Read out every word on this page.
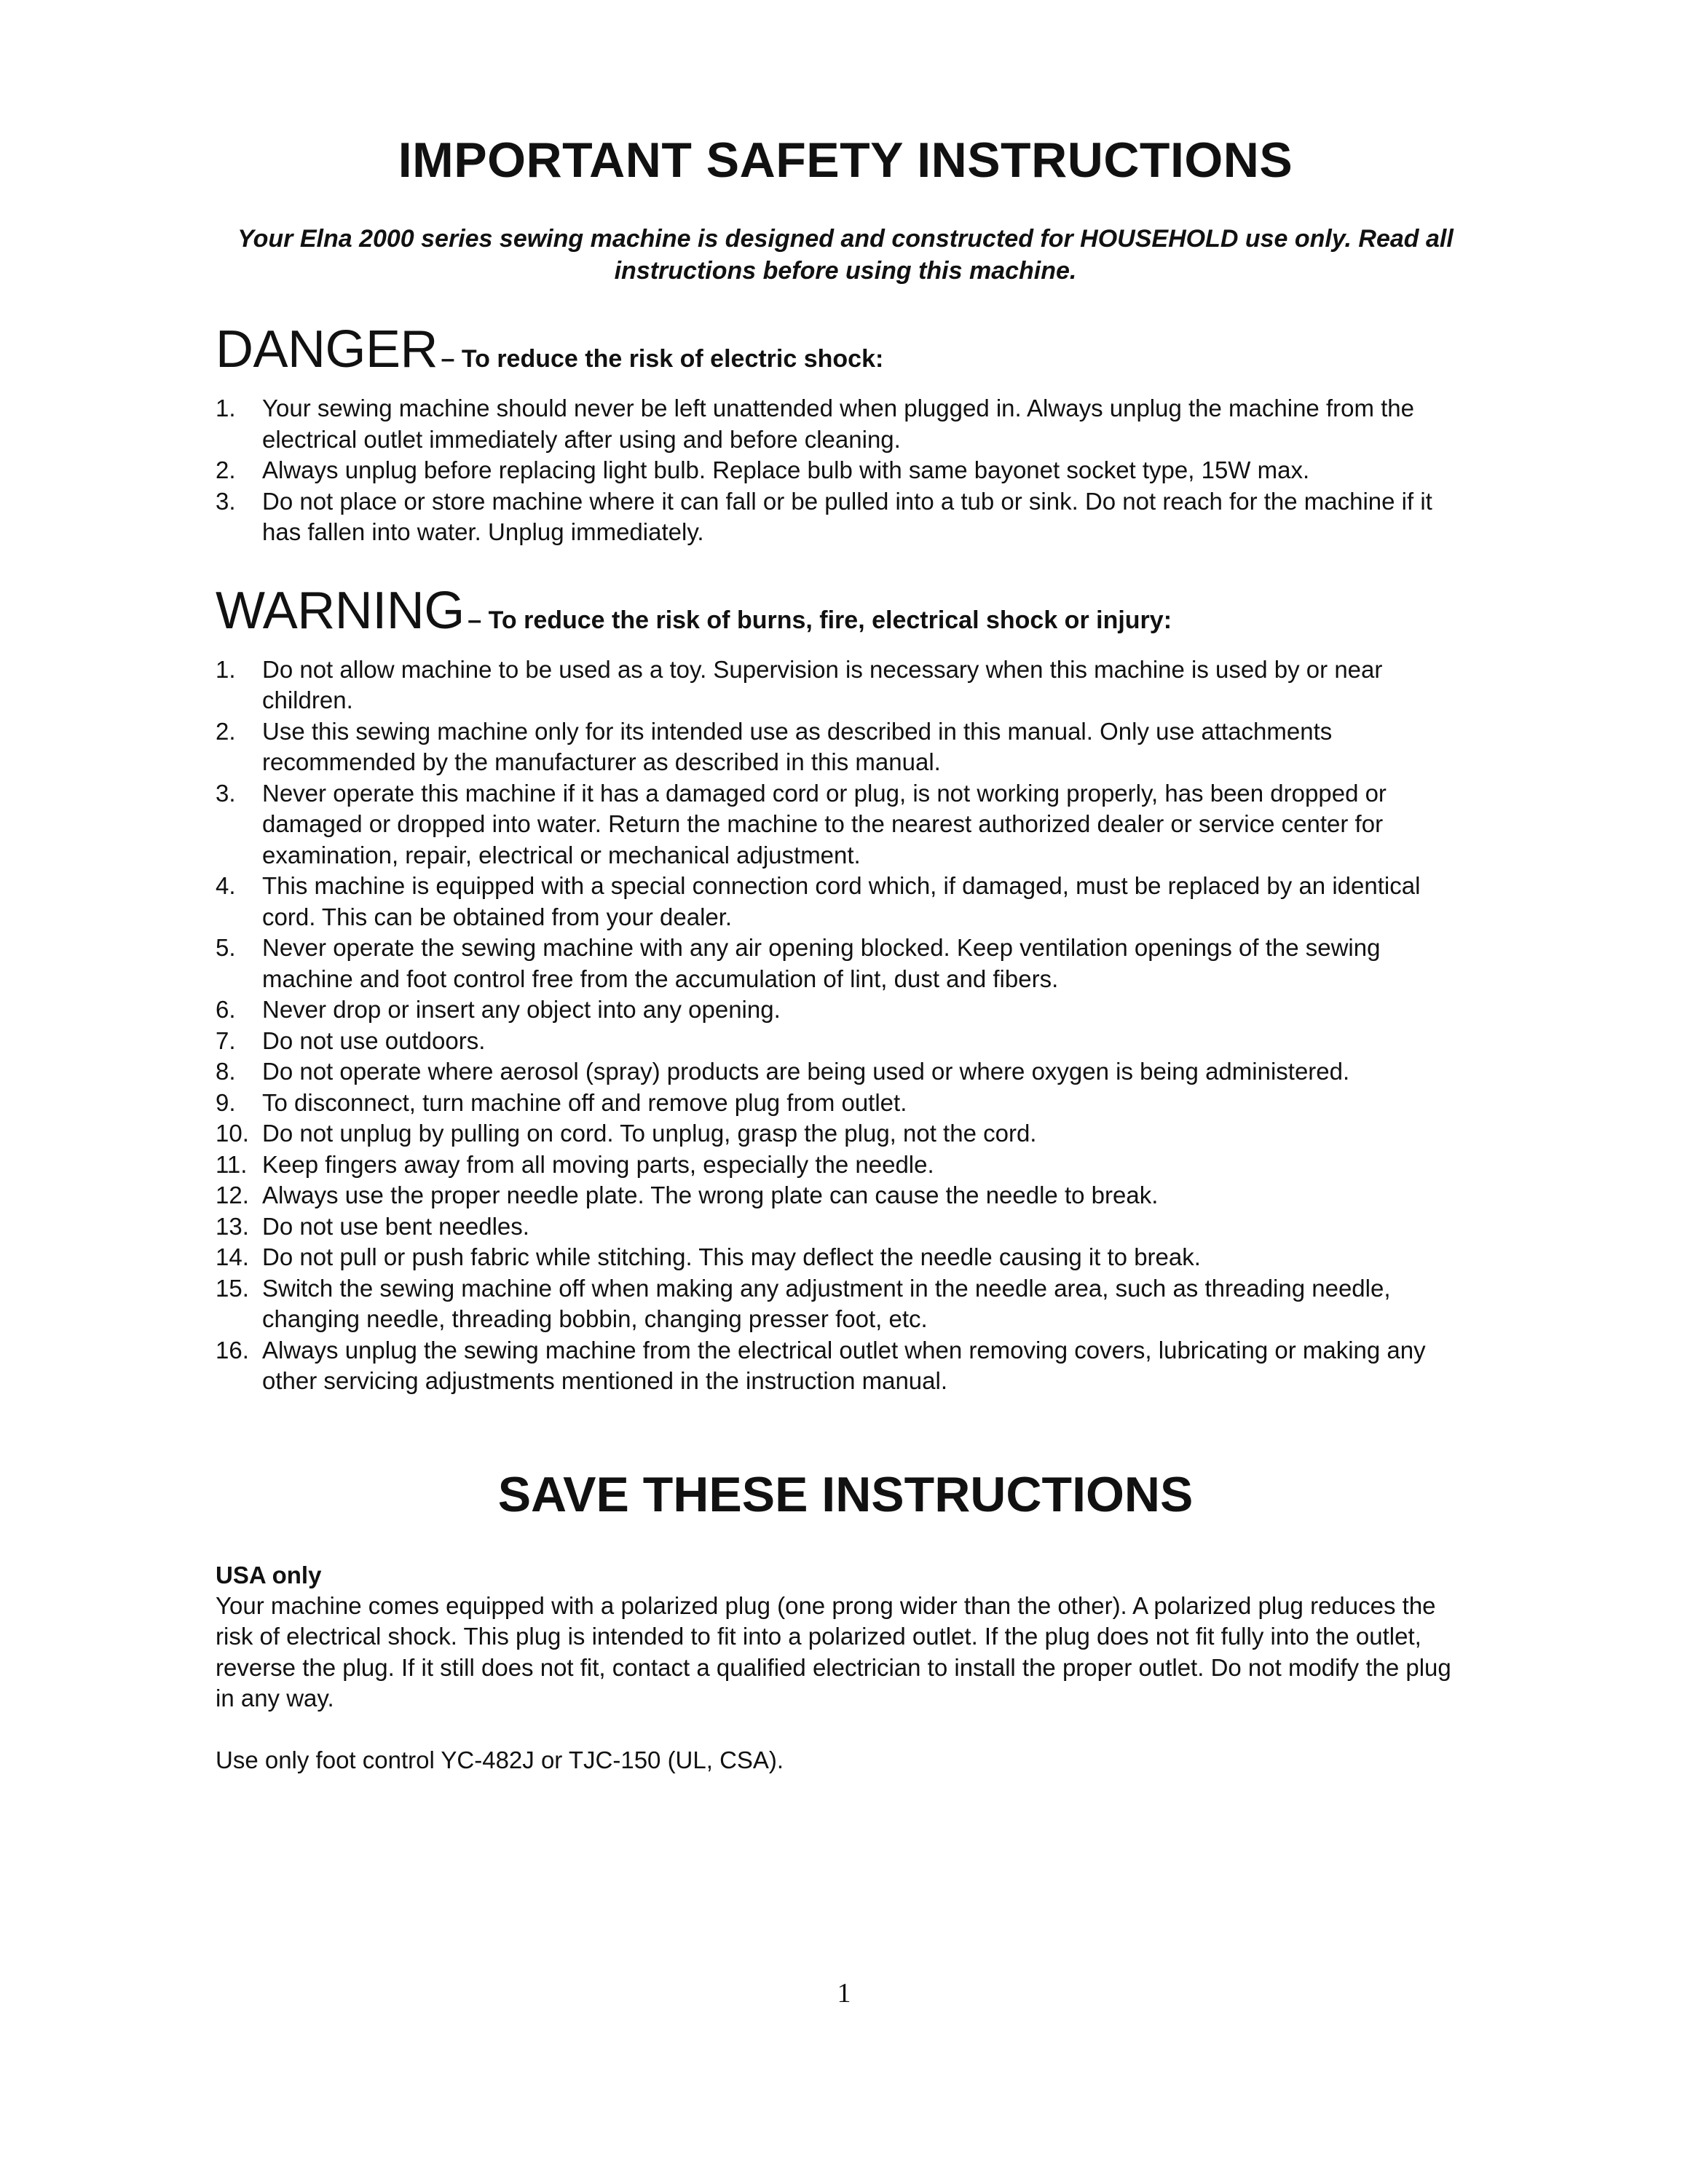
IMPORTANT SAFETY INSTRUCTIONS

Your Elna 2000 series sewing machine is designed and constructed for HOUSEHOLD use only. Read all instructions before using this machine.

DANGER – To reduce the risk of electric shock:
1. Your sewing machine should never be left unattended when plugged in. Always unplug the machine from the electrical outlet immediately after using and before cleaning.
2. Always unplug before replacing light bulb. Replace bulb with same bayonet socket type, 15W max.
3. Do not place or store machine where it can fall or be pulled into a tub or sink. Do not reach for the machine if it has fallen into water. Unplug immediately.
WARNING – To reduce the risk of burns, fire, electrical shock or injury:
1. Do not allow machine to be used as a toy. Supervision is necessary when this machine is used by or near children.
2. Use this sewing machine only for its intended use as described in this manual. Only use attachments recommended by the manufacturer as described in this manual.
3. Never operate this machine if it has a damaged cord or plug, is not working properly, has been dropped or damaged or dropped into water. Return the machine to the nearest authorized dealer or service center for examination, repair, electrical or mechanical adjustment.
4. This machine is equipped with a special connection cord which, if damaged, must be replaced by an identical cord. This can be obtained from your dealer.
5. Never operate the sewing machine with any air opening blocked. Keep ventilation openings of the sewing machine and foot control free from the accumulation of lint, dust and fibers.
6. Never drop or insert any object into any opening.
7. Do not use outdoors.
8. Do not operate where aerosol (spray) products are being used or where oxygen is being administered.
9. To disconnect, turn machine off and remove plug from outlet.
10. Do not unplug by pulling on cord. To unplug, grasp the plug, not the cord.
11. Keep fingers away from all moving parts, especially the needle.
12. Always use the proper needle plate. The wrong plate can cause the needle to break.
13. Do not use bent needles.
14. Do not pull or push fabric while stitching. This may deflect the needle causing it to break.
15. Switch the sewing machine off when making any adjustment in the needle area, such as threading needle, changing needle, threading bobbin, changing presser foot, etc.
16. Always unplug the sewing machine from the electrical outlet when removing covers, lubricating or making any other servicing adjustments mentioned in the instruction manual.
SAVE THESE INSTRUCTIONS
USA only

Your machine comes equipped with a polarized plug (one prong wider than the other). A polarized plug reduces the risk of electrical shock. This plug is intended to fit into a polarized outlet. If the plug does not fit fully into the outlet, reverse the plug. If it still does not fit, contact a qualified electrician to install the proper outlet. Do not modify the plug in any way.

Use only foot control YC-482J or TJC-150 (UL, CSA).

1
